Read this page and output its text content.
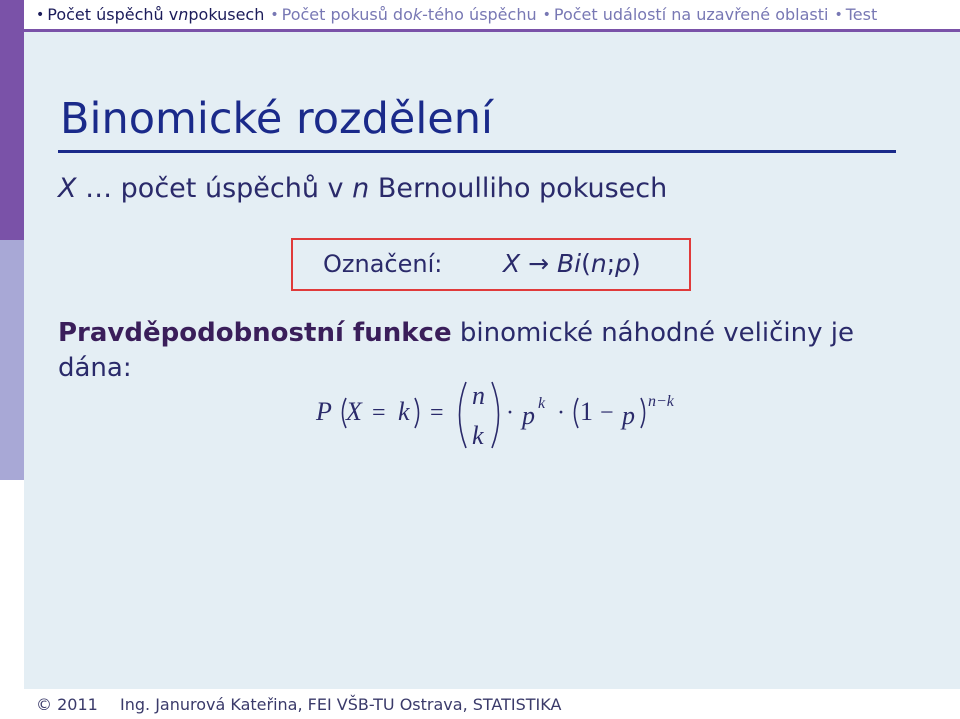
• Počet úspěchů v n pokusech • Počet pokusů do k -tého úspěchu • Počet událostí na uzavřené oblasti • Test
Binomické rozdělení
X … počet úspěchů v n Bernoulliho pokusech
Označení: X → Bi(n;p)
Pravděpodobnostní funkce binomické náhodné veličiny je
dána:
P X = k =
n
k
· p k · 1 − p n−k
© 2011 Ing. Janurová Kateřina, FEI VŠB-TU Ostrava, STATISTIKA
